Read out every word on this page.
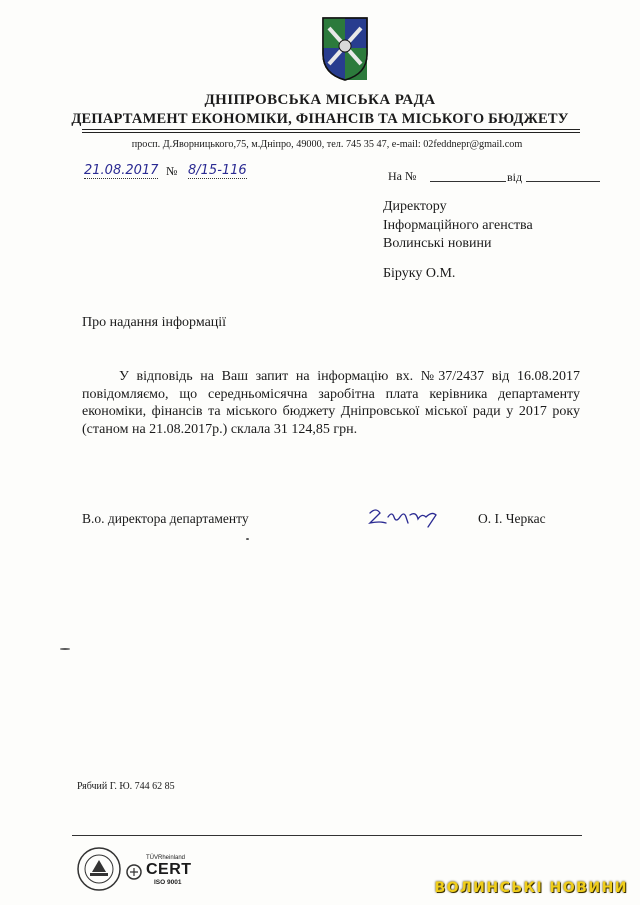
ДНІПРОВСЬКА МІСЬКА РАДА
ДЕПАРТАМЕНТ ЕКОНОМІКИ, ФІНАНСІВ ТА МІСЬКОГО БЮДЖЕТУ
просп. Д.Яворницького,75, м.Дніпро, 49000, тел. 745 35 47, e-mail: 02feddnepr@gmail.com
21.08.2017 № 8/15-116	На №	від
Директору
Інформаційного агенства
Волинські новини
Біруку О.М.
Про надання інформації
У відповідь на Ваш запит на інформацію вх. №37/2437 від 16.08.2017 повідомляємо, що середньомісячна заробітна плата керівника департаменту економіки, фінансів та міського бюджету Дніпровської міської ради у 2017 року (станом на 21.08.2017р.) склала 31 124,85 грн.
В.о. директора департаменту	О. І. Черкас
Рябчий Г. Ю. 744 62 85
TÜVRheinland
CERT
ISO 9001	ВОЛИНСЬКІ НОВИНИ
